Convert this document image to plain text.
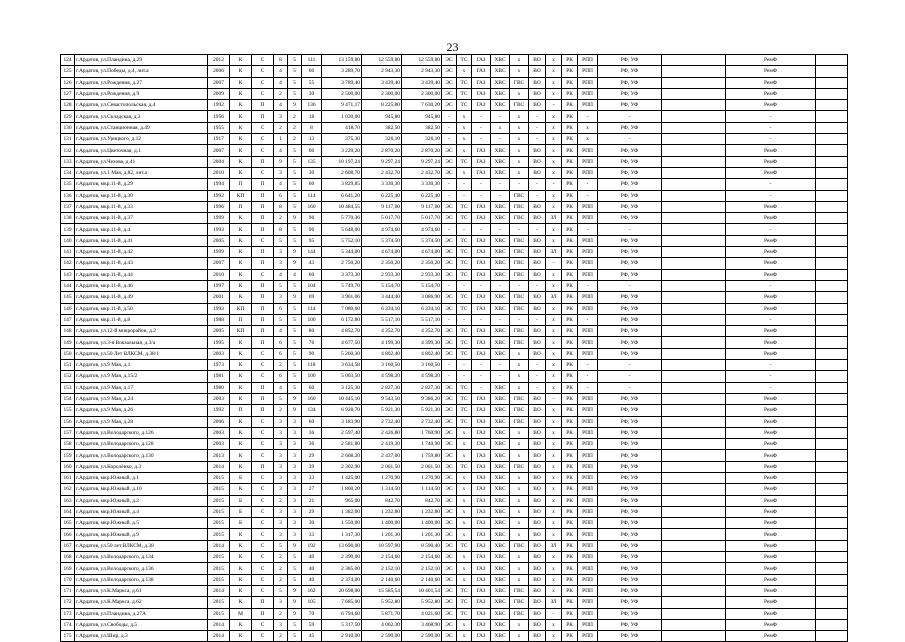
23
124	г.Ардатов, ул.Пландина, д.29	2012	К	С	8	5	111	13 159,80	12 559,80	12 559,80	ЭС	ТС	ГАЗ	ХВС	х	ВО	х	РК	РПП	РФ, УФ		РемФ	
125	г.Ардатов, ул.Победы, д.4, лит.а	2006	К	С	4	5	60	3 289,70	2 943,30	2 943,30	ЭС	х	ГАЗ	ХВС	х	ВО	х	РК	РПП	РФ, УФ		РемФ	
126	г.Ардатов, ул.Рождения, д.27	2007	К	С	4	5	55	3 789,40	3 439,40	3 439,40	ЭС	ТС	ГАЗ	ХВС	ГВС	ВО	х	РК	РПП	РФ, УФ		РемФ	
127	г.Ардатов, ул.Рождения, д.9	2009	К	С	2	5	30	2 500,00	2 300,00	2 300,00	ЭС	ТС	ГАЗ	ХВС	х	ВО	х	РК	РПП	РФ, УФ		РемФ	
128	г.Ардатов, ул.Севастопольская, д.4	1992	К	П	4	9	136	9 471,17	8 225,80	7 630,20	ЭС	ТС	ГАЗ	ХВС	ГВС	ВО	-	РК	РПП	РФ, УФ		РемФ	
129	г.Ардатов, ул.Складская, д.3	1956	К	П	3	2	18	1 030,00	945,80	945,80	-	х	-	-	х	-	х	РК	-	-		-	
130	г.Ардатов, ул.Станционная, д.49	1955	К	С	2	2	8	418,70	382,50	382,50	-	х	-	х	х	-	х	РК	х	РФ, УФ		-	
131	г.Ардатов, ул.Урицкого, д.12	1917	К	С	1	2	13	375,30	326,10	326,10	-	х	-	-	х	-	х	РК	х	-		-	
132	г.Ардатов, ул.Цветочная, д.1	2007	К	С	4	5	60	3 220,20	2 870,20	2 870,20	ЭС	х	ГАЗ	ХВС	х	ВО	х	РК	РПП	РФ, УФ		РемФ	
133	г.Ардатов, ул.Чехова, д.41	2004	К	П	9	5	135	10 197,24	9 297,24	9 297,24	ЭС	ТС	ГАЗ	ХВС	х	ВО	х	РК	РПП	РФ, УФ		РемФ	
134	г.Ардатов, ул.1 Мая, д.82, лит.а	2010	К	С	3	5	30	2 608,70	2 432,70	2 432,70	ЭС	х	ГАЗ	ХВС	х	ВО	х	РК	РПП	РФ, УФ		РемФ	
135	г.Ардатов, мкр.11-й, д.29	1994	П	П	4	5	60	3 829,85	3 330,30	3 330,30	-	-	-	-	-	-	-	РК	-	РФ, УФ		-	
136	г.Ардатов, мкр.11-й, д.30	1992	КП	П	6	5	114	6 641,20	6 225,40	6 225,40	-	-	-	-	ГВС	-	х	РК	-	РФ, УФ		-	
137	г.Ардатов, мкр.11-й, д.33	1996	П	П	8	5	160	10 484,55	9 117,00	9 117,00	ЭС	ТС	ГАЗ	ХВС	ГВС	ВО	х	РК	РПП	РФ, УФ		РемФ	
138	г.Ардатов, мкр.11-й, д.37	1999	К	П	2	9	96	5 770,36	5 017,70	5 017,70	ЭС	ТС	ГАЗ	ХВС	ГВС	ВО	ЗЛ	РК	РПП	РФ, УФ		РемФ	
139	г.Ардатов, мкр.11-й, д.4	1993	К	П	8	5	96	5 648,00	4 974,60	4 974,60	-	-	-	-	-	-	х	РК	-	-		-	
140	г.Ардатов, мкр.11-й, д.41	2005	К	С	5	5	95	5 752,10	5 374,50	5 374,50	ЭС	ТС	ГАЗ	ХВС	ГВС	ВО	х	РК	РПП	РФ, УФ		РемФ	
141	г.Ардатов, мкр.11-й, д.42	1999	К	П	3	9	144	5 344,00	4 674,00	4 674,00	ЭС	ТС	ГАЗ	ХВС	ГВС	ВО	ЗЛ	РК	РПП	РФ, УФ		РемФ	
142	г.Ардатов, мкр.11-й, д.43	2007	К	П	3	9	43	2 750,20	2 350,20	2 350,20	ЭС	ТС	ГАЗ	ХВС	ГВС	ВО	-	РК	РПП	РФ, УФ		РемФ	
143	г.Ардатов, мкр.11-й, д.44	2010	К	С	4	4	60	3 373,30	2 933,30	2 933,30	ЭС	ТС	ГАЗ	ХВС	ГВС	ВО	х	РК	РПП	РФ, УФ		РемФ	
144	г.Ардатов, мкр.11-й, д.46	1997	К	П	5	5	104	5 749,70	5 154,70	5 154,70	-	-	-	-	-	-	х	РК	-	-		-	
145	г.Ардатов, мкр.11-й, д.49	2001	К	П	3	9	69	3 961,06	3 444,40	3 086,90	ЭС	ТС	ГАЗ	ХВС	ГВС	ВО	ЗЛ	РК	РПП	РФ, УФ		РемФ	
146	г.Ардатов, мкр.11-й, д.50	1993	КП	П	6	5	114	7 080,60	6 334,10	6 334,10	ЭС	ТС	ГАЗ	ХВС	ГВС	ВО	х	РК	РПП	РФ, УФ		РемФ	
147	г.Ардатов, мкр.11-й, д.8	1988	П	П	5	5	100	6 172,80	5 517,10	5 517,10	-	-	-	-	-	-	х	РК	-	РФ, УФ		-	
148	г.Ардатов, ул.12-й микрорайон, д.2	2005	КП	П	4	5	80	4 852,70	4 352,70	4 352,70	ЭС	ТС	ГАЗ	ХВС	ГВС	ВО	х	РК	РПП	РФ, УФ		РемФ	
149	г.Ардатов, ул.3-я Вокзальная, д.3/а	1995	К	П	6	5	76	4 677,50	4 199,30	4 399,30	ЭС	ТС	ГАЗ	ХВС	ГВС	ВО	х	РК	РПП	РФ, УФ		РемФ	
150	г.Ардатов, ул.50 Лет ВЛКСМ, д.38/1	2003	К	С	6	5	90	5 260,30	4 802,40	4 802,40	ЭС	ТС	ГАЗ	ХВС	х	ВО	х	РК	РПП	РФ, УФ		РемФ	
151	г.Ардатов, ул.9 Мая, д.1	1973	К	С	2	5	118	3 634,58	3 160,50	3 160,50	-	-	-	-	х	-	х	РК	-	-		-	
152	г.Ардатов, ул.9 Мая, д.15/2	1981	К	С	6	5	100	5 003,50	4 598,20	4 598,20	-	-	-	-	х	-	х	РК	-	-		-	
153	г.Ардатов, ул.9 Мая, д.17	1980	К	П	4	5	60	3 125,30	2 827,30	2 827,30	ЭС	ТС	-	ХВС	х	-	х	РК	-	-		-	
154	г.Ардатов, ул.9 Мая, д.24	2003	К	П	5	9	160	10 445,10	9 543,50	9 386,20	ЭС	ТС	ГАЗ	ХВС	ГВС	ВО	-	РК	РПП	РФ, УФ		РемФ	
155	г.Ардатов, ул.9 Мая, д.26	1992	П	П	2	9	134	6 928,70	5 921,30	5 921,30	ЭС	ТС	ГАЗ	ХВС	ГВС	ВО	х	РК	РПП	РФ, УФ		РемФ	
156	г.Ардатов, ул.9 Мая, д.28	2006	К	С	3	3	60	3 183,90	2 732,40	2 732,40	ЭС	ТС	ГАЗ	ХВС	ГВС	ВО	х	РК	РПП	РФ, УФ		РемФ	
157	г.Ардатов, ул.Володарского, д.126	2003	К	С	3	3	36	2 597,40	2 426,80	1 760,90	ЭС	х	ГАЗ	ХВС	х	ВО	х	РК	РПП	РФ, УФ		РемФ	
158	г.Ардатов, ул.Володарского, д.128	2003	К	С	3	3	36	2 581,80	2 419,30	1 740,90	ЭС	х	ГАЗ	ХВС	х	ВО	х	РК	РПП	РФ, УФ		РемФ	
159	г.Ардатов, ул.Володарского, д.130	2013	К	С	3	3	29	2 608,20	2 437,00	1 759,80	ЭС	х	ГАЗ	ХВС	х	ВО	х	РК	РПП	РФ, УФ		РемФ	
160	г.Ардатов, ул.Королёнко, д.3	2014	К	П	3	3	39	2 302,90	2 061,50	2 061,50	ЭС	ТС	ГАЗ	ХВС	ГВС	ВО	х	РК	РПП	РФ, УФ		РемФ	
161	г.Ардатов, мкр.Южный, д.1	2015	Б	С	3	3	33	1 425,00	1 270,90	1 270,90	ЭС	х	ГАЗ	ХВС	х	ВО	х	РК	РПП	РФ, УФ		РемФ	
162	г.Ардатов, мкр.Южный, д.10	2015	К	С	3	3	27	1 860,20	1 314,50	1 114,50	ЭС	х	ГАЗ	ХВС	х	ВО	х	РК	РПП	РФ, УФ		РемФ	
163	г.Ардатов, мкр.Южный, д.2	2015	Б	С	2	3	21	965,00	842,70	842,70	ЭС	х	ГАЗ	ХВС	х	ВО	х	РК	РПП	РФ, УФ		РемФ	
164	г.Ардатов, мкр.Южный, д.4	2015	Б	С	3	3	29	1 382,00	1 232,80	1 232,80	ЭС	х	ГАЗ	ХВС	х	ВО	х	РК	РПП	РФ, УФ		РемФ	
165	г.Ардатов, мкр.Южный, д.5	2015	Б	С	3	3	30	1 550,00	1 400,00	1 400,00	ЭС	х	ГАЗ	ХВС	х	ВО	х	РК	РПП	РФ, УФ		РемФ	
166	г.Ардатов, мкр.Южный, д.9	2015	К	С	3	3	33	1 317,30	1 201,30	1 201,30	ЭС	х	ГАЗ	ХВС	х	ВО	х	РК	РПП	РФ, УФ		РемФ	
167	г.Ардатов, ул.50 лет ВЛКСМ, д.38	2014	К	С	5	9	192	13 690,00	10 597,90	8 590,40	ЭС	ТС	ГАЗ	ХВС	ГВС	ВО	ЗЛ	РК	РПП	РФ, УФ		РемФ	
168	г.Ардатов, ул.Володарского, д.134	2015	К	С	2	5	40	2 390,00	2 154,60	2 154,60	ЭС	х	ГАЗ	ХВС	х	ВО	х	РК	РПП	РФ, УФ		РемФ	
169	г.Ардатов, ул.Володарского, д.136	2015	К	С	2	5	40	2 385,00	2 152,10	2 152,10	ЭС	х	ГАЗ	ХВС	х	ВО	х	РК	РПП	РФ, УФ		РемФ	
170	г.Ардатов, ул.Володарского, д.138	2015	К	С	2	5	40	2 374,00	2 140,60	2 140,60	ЭС	х	ГАЗ	ХВС	х	ВО	х	РК	РПП	РФ, УФ		РемФ	
171	г.Ардатов, ул.К.Маркса, д.61	2014	К	С	5	9	162	20 698,00	15 585,54	10 401,54	ЭС	ТС	ГАЗ	ХВС	ГВС	ВО	х	РК	РПП	РФ, УФ		РемФ	
172	г.Ардатов, ул.К.Маркса, д.62	2015	К	П	3	9	105	7 685,00	5 952,80	5 952,80	ЭС	ТС	ГАЗ	ХВС	ГВС	ВО	ЗЛ	РК	РПП	РФ, УФ		РемФ	
173	г.Ардатов, ул.Пландина, д.27А	2015	М	П	2	9	70	6 794,60	5 871,70	4 021,60	ЭС	ТС	ГАЗ	ХВС	ГВС	ВО	-	РК	РПП	РФ, УФ		РемФ	
174	г.Ардатов, ул.Свободы, д.5	2014	К	С	3	5	59	5 317,50	4 062,30	3 468,90	ЭС	х	ГАЗ	ХВС	х	ВО	х	РК	РПП	РФ, УФ		РемФ	
175	г.Ардатов, ул.Шир, д.3	2014	К	С	2	5	45	2 910,00	2 590,00	2 590,00	ЭС	х	ГАЗ	ХВС	х	ВО	х	РК	РПП	РФ, УФ		РемФ	
